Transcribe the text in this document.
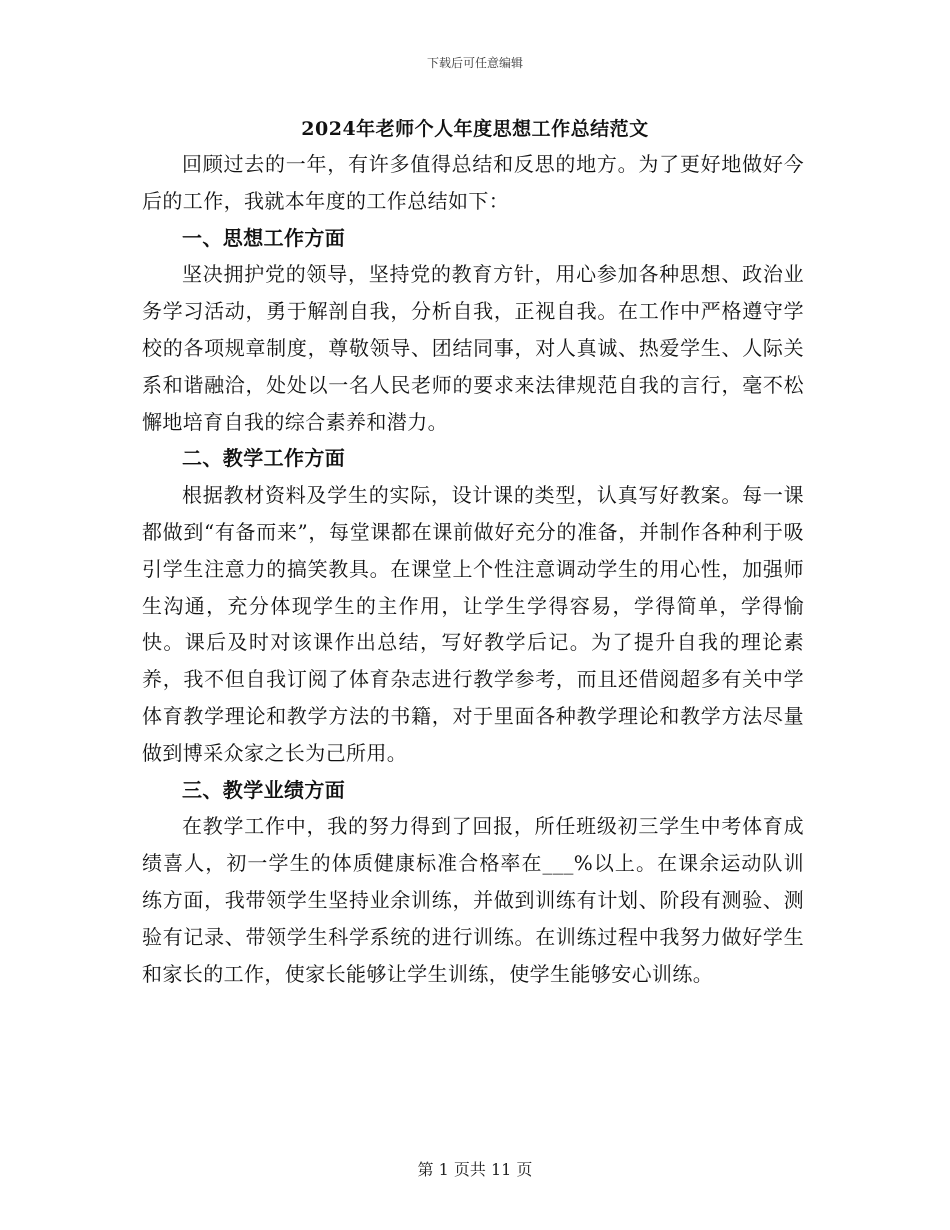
下载后可任意编辑
2024年老师个人年度思想工作总结范文

回顾过去的一年，有许多值得总结和反思的地方。为了更好地做好今后的工作，我就本年度的工作总结如下：

一、思想工作方面

坚决拥护党的领导，坚持党的教育方针，用心参加各种思想、政治业务学习活动，勇于解剖自我，分析自我，正视自我。在工作中严格遵守学校的各项规章制度，尊敬领导、团结同事，对人真诚、热爱学生、人际关系和谐融洽，处处以一名人民老师的要求来法律规范自我的言行，毫不松懈地培育自我的综合素养和潜力。

二、教学工作方面

根据教材资料及学生的实际，设计课的类型，认真写好教案。每一课都做到“有备而来”，每堂课都在课前做好充分的准备，并制作各种利于吸引学生注意力的搞笑教具。在课堂上个性注意调动学生的用心性，加强师生沟通，充分体现学生的主作用，让学生学得容易，学得简单，学得愉快。课后及时对该课作出总结，写好教学后记。为了提升自我的理论素养，我不但自我订阅了体育杂志进行教学参考，而且还借阅超多有关中学体育教学理论和教学方法的书籍，对于里面各种教学理论和教学方法尽量做到博采众家之长为己所用。

三、教学业绩方面

在教学工作中，我的努力得到了回报，所任班级初三学生中考体育成绩喜人，初一学生的体质健康标准合格率在___%以上。在课余运动队训练方面，我带领学生坚持业余训练，并做到训练有计划、阶段有测验、测验有记录、带领学生科学系统的进行训练。在训练过程中我努力做好学生和家长的工作，使家长能够让学生训练，使学生能够安心训练。

第 1 页共 11 页
